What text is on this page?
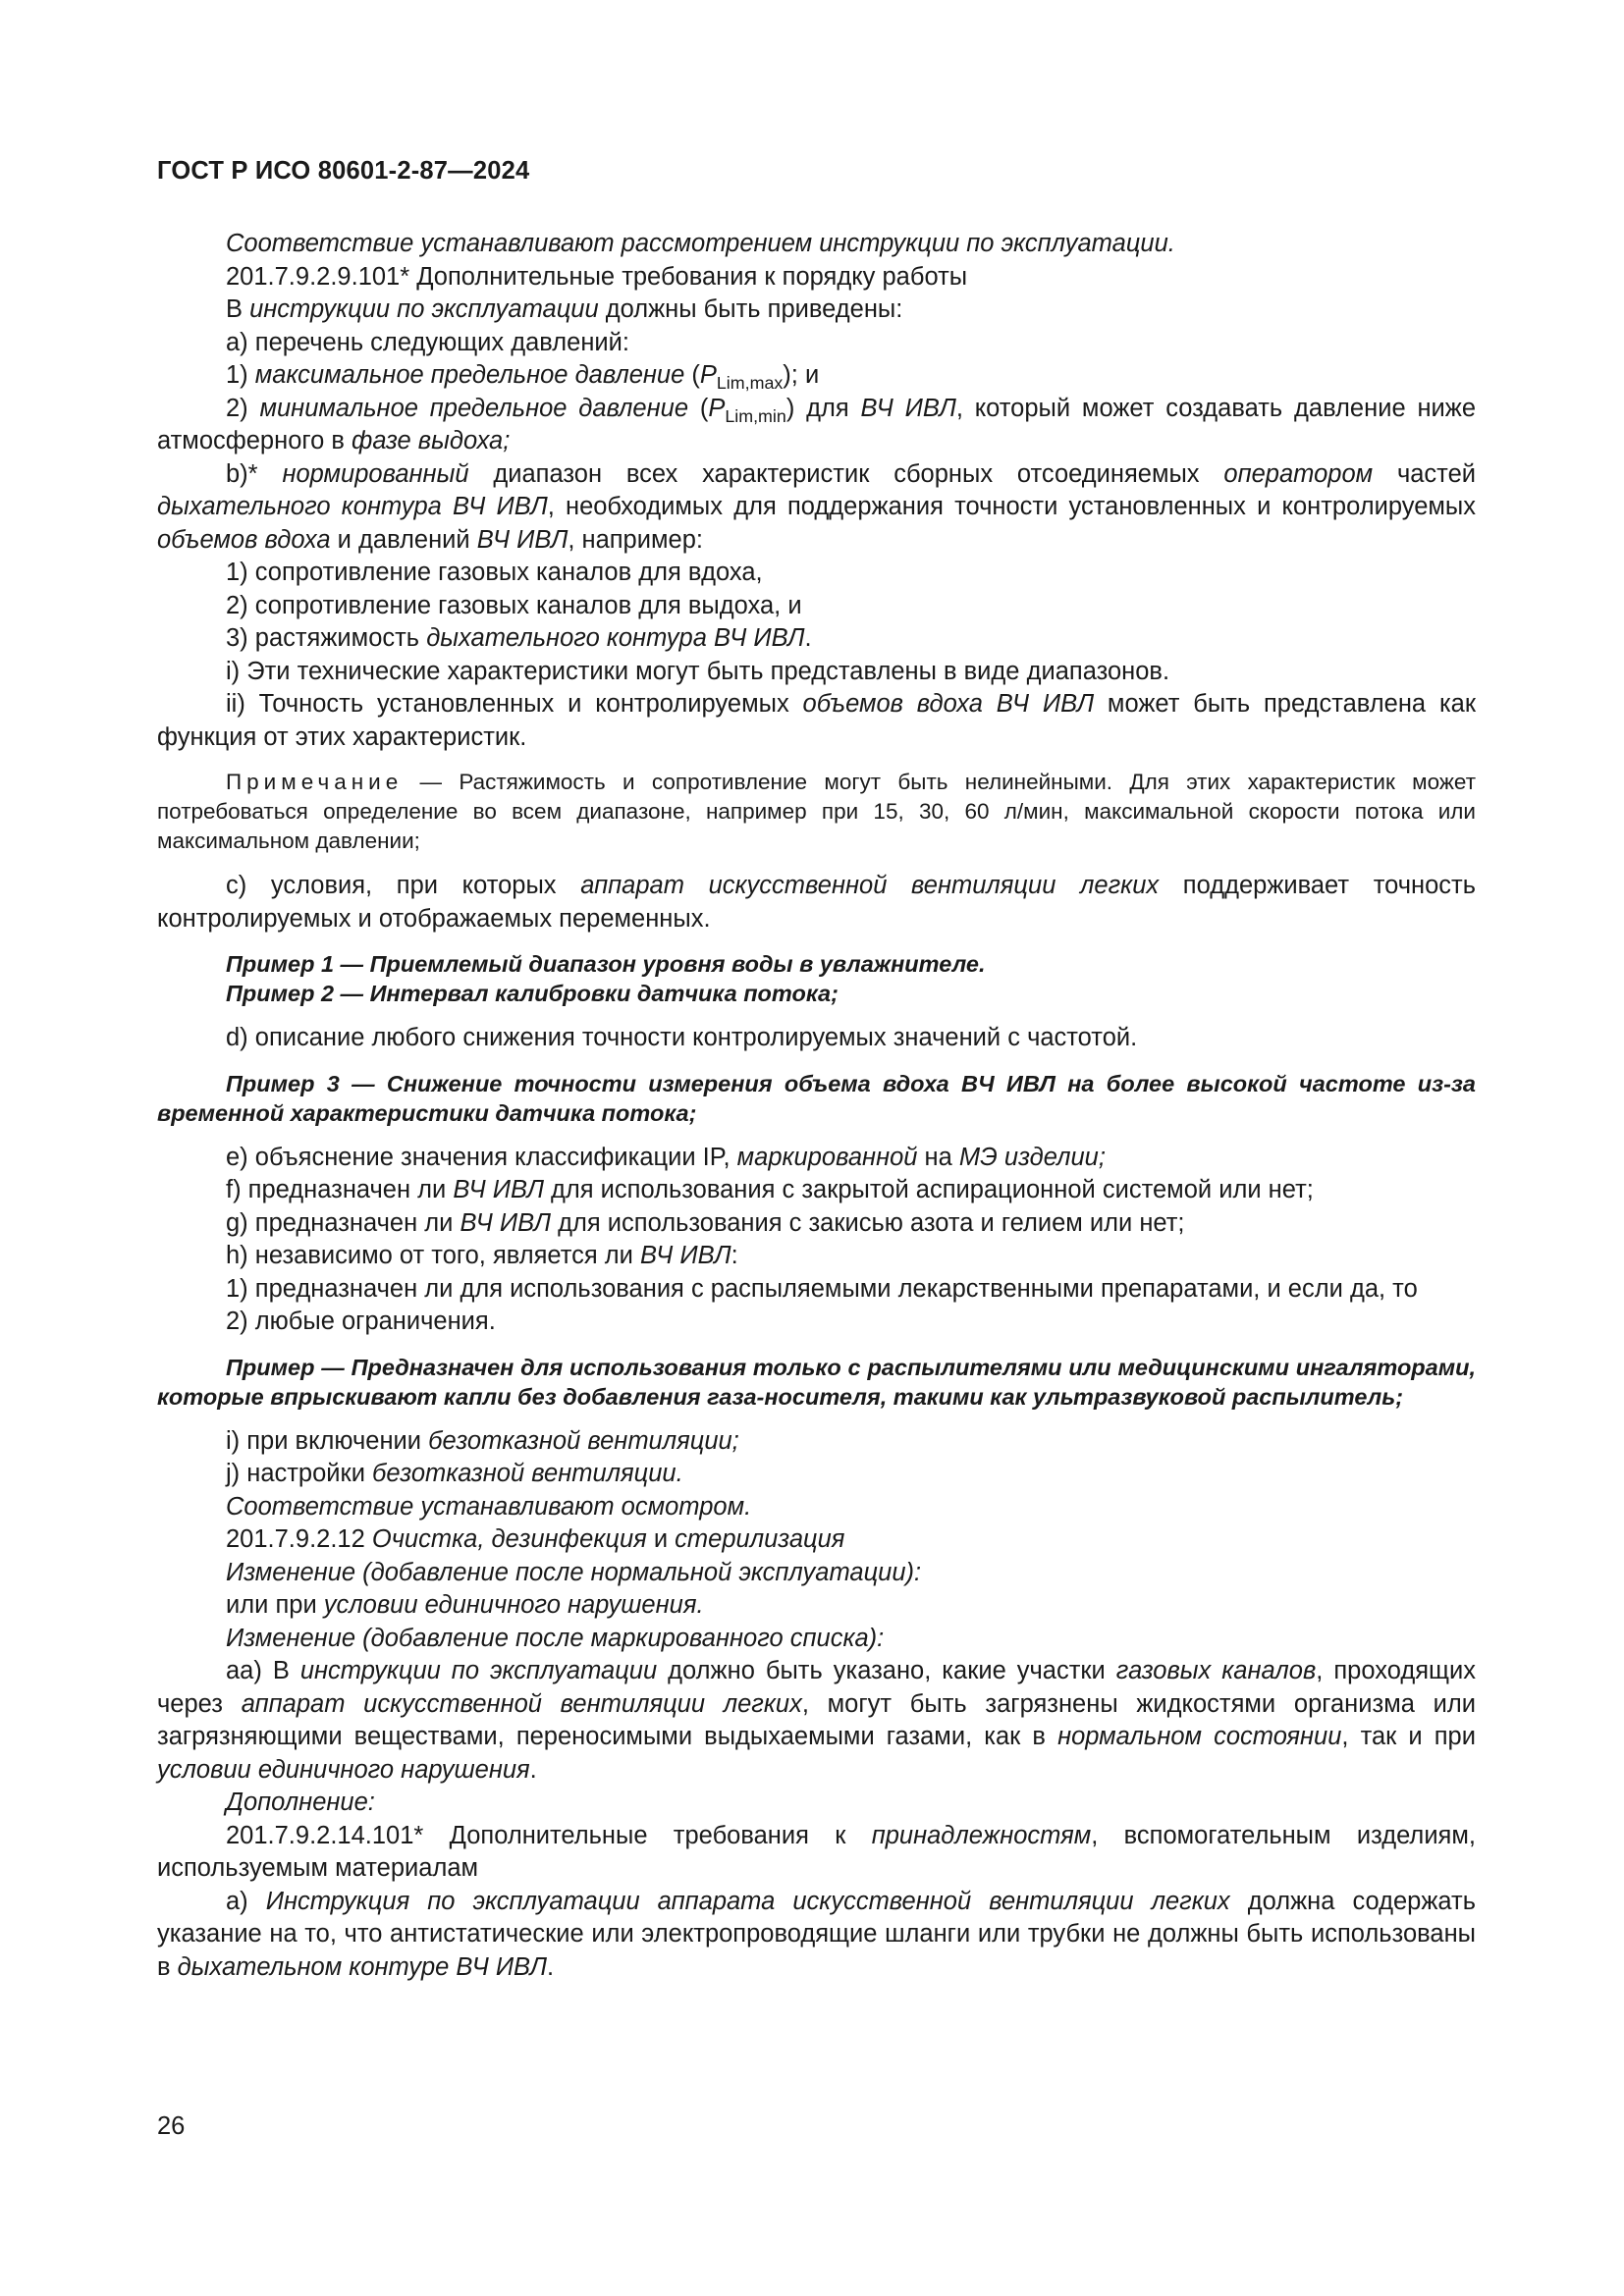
ГОСТ Р ИСО 80601-2-87—2024

Соответствие устанавливают рассмотрением инструкции по эксплуатации.

201.7.9.2.9.101* Дополнительные требования к порядку работы

В инструкции по эксплуатации должны быть приведены:

a) перечень следующих давлений:

1) максимальное предельное давление $(P_{Lim,max})$; и

2) минимальное предельное давление $(P_{Lim,min})$ для ВЧ ИВЛ, который может создавать давление ниже атмосферного в фазе выдоха;

b)* нормированный диапазон всех характеристик сборных отсоединяемых оператором частей дыхательного контура ВЧ ИВЛ, необходимых для поддержания точности установленных и контролируемых объемов вдоха и давлений ВЧ ИВЛ, например:

1) сопротивление газовых каналов для вдоха,

2) сопротивление газовых каналов для выдоха, и

3) растяжимость дыхательного контура ВЧ ИВЛ.

i) Эти технические характеристики могут быть представлены в виде диапазонов.

ii) Точность установленных и контролируемых объемов вдоха ВЧ ИВЛ может быть представлена как функция от этих характеристик.

Примечание — Растяжимость и сопротивление могут быть нелинейными. Для этих характеристик может потребоваться определение во всем диапазоне, например при 15, 30, 60 л/мин, максимальной скорости потока или максимальном давлении;

c) условия, при которых аппарат искусственной вентиляции легких поддерживает точность контролируемых и отображаемых переменных.

Пример 1 — Приемлемый диапазон уровня воды в увлажнителе.

Пример 2 — Интервал калибровки датчика потока;

d) описание любого снижения точности контролируемых значений с частотой.

Пример 3 — Снижение точности измерения объема вдоха ВЧ ИВЛ на более высокой частоте из-за временной характеристики датчика потока;

e) объяснение значения классификации IP, маркированной на МЭ изделии;

f) предназначен ли ВЧ ИВЛ для использования с закрытой аспирационной системой или нет;

g) предназначен ли ВЧ ИВЛ для использования с закисью азота и гелием или нет;

h) независимо от того, является ли ВЧ ИВЛ:

1) предназначен ли для использования с распыляемыми лекарственными препаратами, и если да, то

2) любые ограничения.

Пример — Предназначен для использования только с распылителями или медицинскими ингаляторами, которые впрыскивают капли без добавления газа-носителя, такими как ультразвуковой распылитель;

i) при включении безотказной вентиляции;

j) настройки безотказной вентиляции.

Соответствие устанавливают осмотром.

201.7.9.2.12 Очистка, дезинфекция и стерилизация

Изменение (добавление после нормальной эксплуатации):

или при условии единичного нарушения.

Изменение (добавление после маркированного списка):

aa) В инструкции по эксплуатации должно быть указано, какие участки газовых каналов, проходящих через аппарат искусственной вентиляции легких, могут быть загрязнены жидкостями организма или загрязняющими веществами, переносимыми выдыхаемыми газами, как в нормальном состоянии, так и при условии единичного нарушения.

Дополнение:

201.7.9.2.14.101* Дополнительные требования к принадлежностям, вспомогательным изделиям, используемым материалам

a) Инструкция по эксплуатации аппарата искусственной вентиляции легких должна содержать указание на то, что антистатические или электропроводящие шланги или трубки не должны быть использованы в дыхательном контуре ВЧ ИВЛ.

26
